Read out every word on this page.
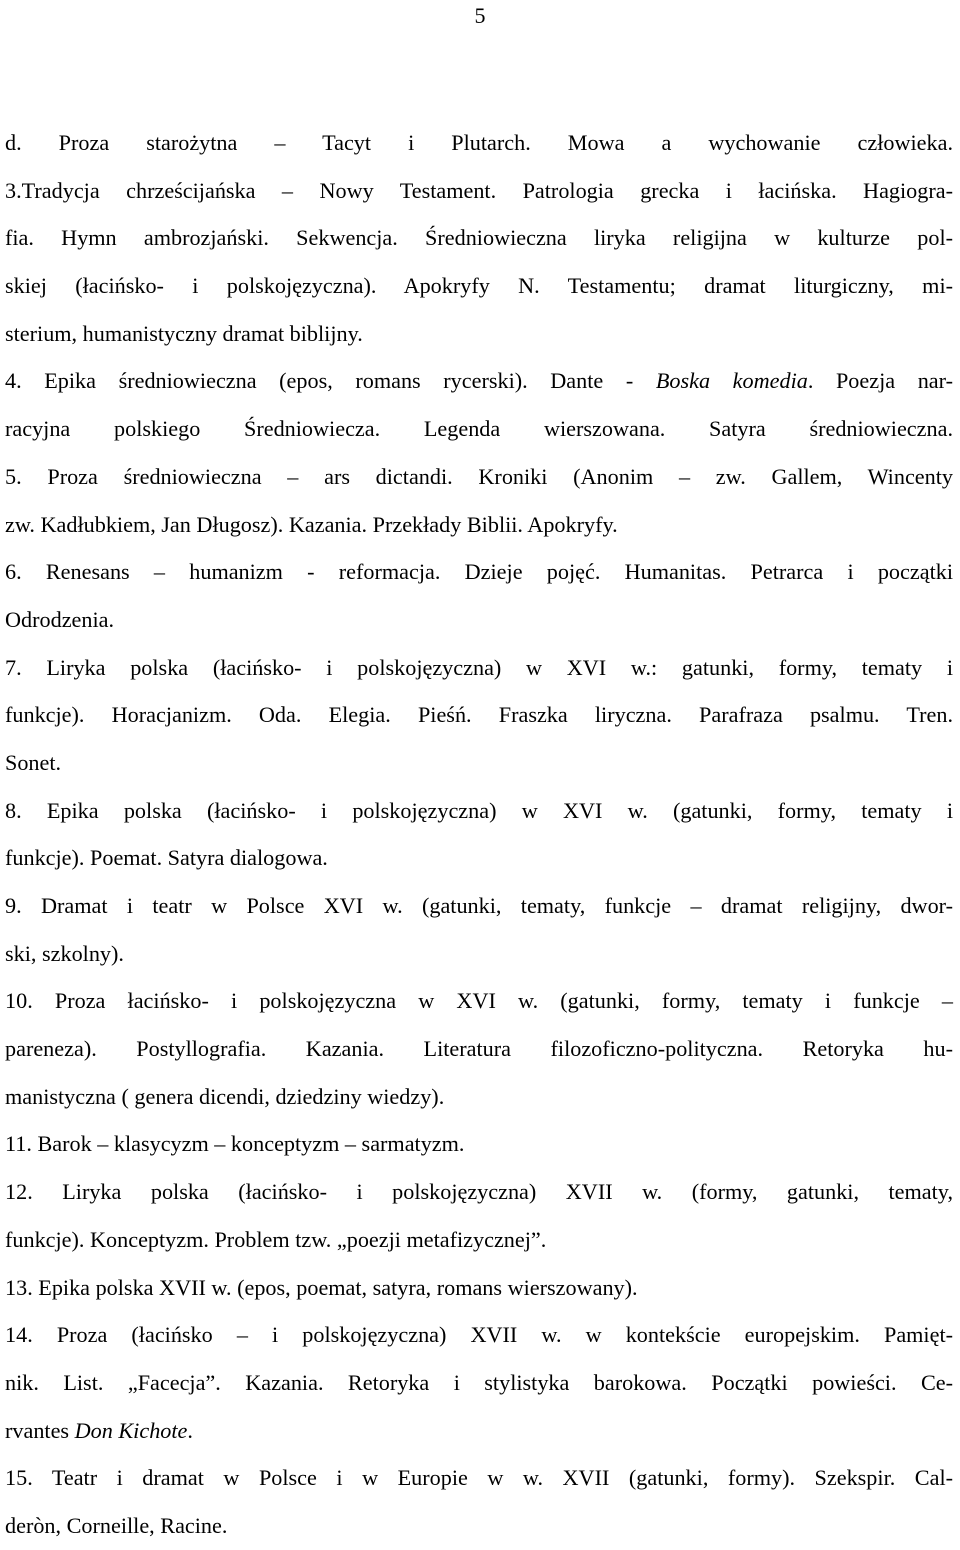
5
d. Proza starożytna – Tacyt i Plutarch. Mowa a wychowanie człowieka.
3.Tradycja chrześcijańska – Nowy Testament. Patrologia grecka i łacińska. Hagiogra-
fia. Hymn ambrozjański. Sekwencja. Średniowieczna liryka religijna w kulturze pol-
skiej (łacińsko- i polskojęzyczna). Apokryfy N. Testamentu; dramat liturgiczny, mi-
sterium, humanistyczny dramat biblijny.
4. Epika średniowieczna (epos, romans rycerski). Dante - Boska komedia. Poezja nar-
racyjna polskiego Średniowiecza. Legenda wierszowana. Satyra średniowieczna.
5. Proza średniowieczna – ars dictandi. Kroniki (Anonim – zw. Gallem, Wincenty
zw. Kadłubkiem, Jan Długosz). Kazania. Przekłady Biblii. Apokryfy.
6. Renesans – humanizm - reformacja. Dzieje pojęć. Humanitas. Petrarca i początki
Odrodzenia.
7. Liryka polska (łacińsko- i polskojęzyczna) w XVI w.: gatunki, formy, tematy i
funkcje). Horacjanizm. Oda. Elegia. Pieśń. Fraszka liryczna. Parafraza psalmu. Tren.
Sonet.
8. Epika polska (łacińsko- i polskojęzyczna) w XVI w. (gatunki, formy, tematy i
funkcje). Poemat. Satyra dialogowa.
9. Dramat i teatr w Polsce XVI w. (gatunki, tematy, funkcje – dramat religijny, dwor-
ski, szkolny).
10. Proza łacińsko- i polskojęzyczna w XVI w. (gatunki, formy, tematy i funkcje –
pareneza). Postyllografia. Kazania. Literatura filozoficzno-polityczna. Retoryka hu-
manistyczna ( genera dicendi, dziedziny wiedzy).
11. Barok – klasycyzm – konceptyzm – sarmatyzm.
12. Liryka polska (łacińsko- i polskojęzyczna) XVII w. (formy, gatunki, tematy,
funkcje). Konceptyzm. Problem tzw. „poezji metafizycznej”.
13. Epika polska XVII w. (epos, poemat, satyra, romans wierszowany).
14. Proza (łacińsko – i polskojęzyczna) XVII w. w kontekście europejskim. Pamięt-
nik. List. „Facecja”. Kazania. Retoryka i stylistyka barokowa. Początki powieści. Ce-
rvantes Don Kichote.
15. Teatr i dramat w Polsce i w Europie w w. XVII (gatunki, formy). Szekspir. Cal-
deròn, Corneille, Racine.
